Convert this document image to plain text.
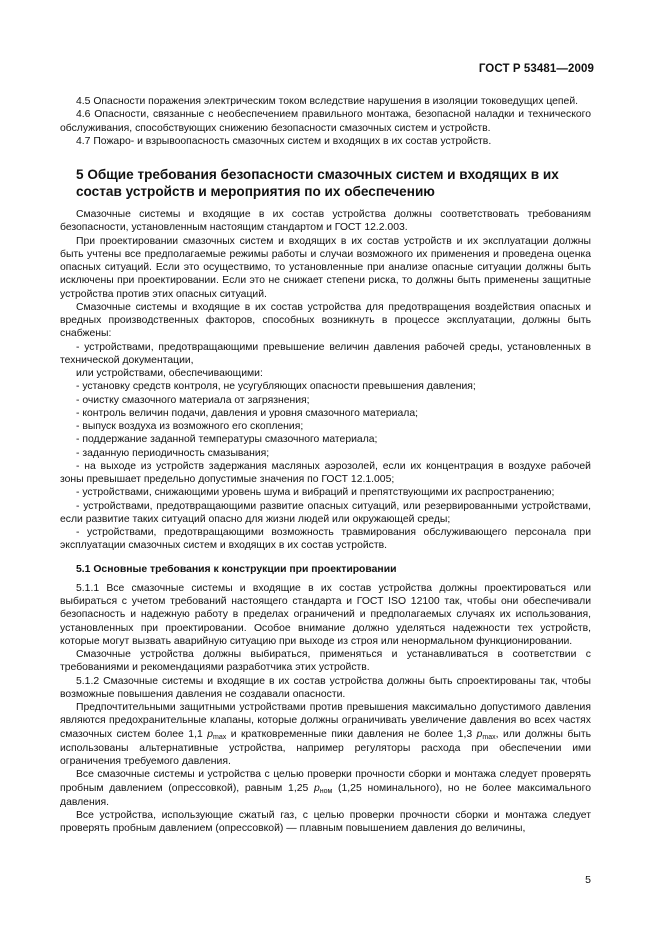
ГОСТ Р 53481—2009

4.5 Опасности поражения электрическим током вследствие нарушения в изоляции токоведущих цепей.

4.6 Опасности, связанные с необеспечением правильного монтажа, безопасной наладки и технического обслуживания, способствующих снижению безопасности смазочных систем и устройств.

4.7 Пожаро- и взрывоопасность смазочных систем и входящих в их состав устройств.

5 Общие требования безопасности смазочных систем и входящих в их состав устройств и мероприятия по их обеспечению

Смазочные системы и входящие в их состав устройства должны соответствовать требованиям безопасности, установленным настоящим стандартом и ГОСТ 12.2.003.

При проектировании смазочных систем и входящих в их состав устройств и их эксплуатации должны быть учтены все предполагаемые режимы работы и случаи возможного их применения и проведена оценка опасных ситуаций. Если это осуществимо, то установленные при анализе опасные ситуации должны быть исключены при проектировании. Если это не снижает степени риска, то должны быть применены защитные устройства против этих опасных ситуаций.

Смазочные системы и входящие в их состав устройства для предотвращения воздействия опасных и вредных производственных факторов, способных возникнуть в процессе эксплуатации, должны быть снабжены:

- устройствами, предотвращающими превышение величин давления рабочей среды, установленных в технической документации,

или устройствами, обеспечивающими:

- установку средств контроля, не усугубляющих опасности превышения давления;

- очистку смазочного материала от загрязнения;

- контроль величин подачи, давления и уровня смазочного материала;

- выпуск воздуха из возможного его скопления;

- поддержание заданной температуры смазочного материала;

- заданную периодичность смазывания;

- на выходе из устройств задержания масляных аэрозолей, если их концентрация в воздухе рабочей зоны превышает предельно допустимые значения по ГОСТ 12.1.005;

- устройствами, снижающими уровень шума и вибраций и препятствующими их распространению;

- устройствами, предотвращающими развитие опасных ситуаций, или резервированными устройствами, если развитие таких ситуаций опасно для жизни людей или окружающей среды;

- устройствами, предотвращающими возможность травмирования обслуживающего персонала при эксплуатации смазочных систем и входящих в их состав устройств.

5.1 Основные требования к конструкции при проектировании

5.1.1 Все смазочные системы и входящие в их состав устройства должны проектироваться или выбираться с учетом требований настоящего стандарта и ГОСТ ISO 12100 так, чтобы они обеспечивали безопасность и надежную работу в пределах ограничений и предполагаемых случаях их использования, установленных при проектировании. Особое внимание должно уделяться надежности тех устройств, которые могут вызвать аварийную ситуацию при выходе из строя или ненормальном функционировании.

Смазочные устройства должны выбираться, применяться и устанавливаться в соответствии с требованиями и рекомендациями разработчика этих устройств.

5.1.2 Смазочные системы и входящие в их состав устройства должны быть спроектированы так, чтобы возможные повышения давления не создавали опасности.

Предпочтительными защитными устройствами против превышения максимально допустимого давления являются предохранительные клапаны, которые должны ограничивать увеличение давления во всех частях смазочных систем более 1,1 pmax и кратковременные пики давления не более 1,3 pmax, или должны быть использованы альтернативные устройства, например регуляторы расхода при обеспечении ими ограничения требуемого давления.

Все смазочные системы и устройства с целью проверки прочности сборки и монтажа следует проверять пробным давлением (опрессовкой), равным 1,25 pном (1,25 номинального), но не более максимального давления.

Все устройства, использующие сжатый газ, с целью проверки прочности сборки и монтажа следует проверять пробным давлением (опрессовкой) — плавным повышением давления до величины,

5
